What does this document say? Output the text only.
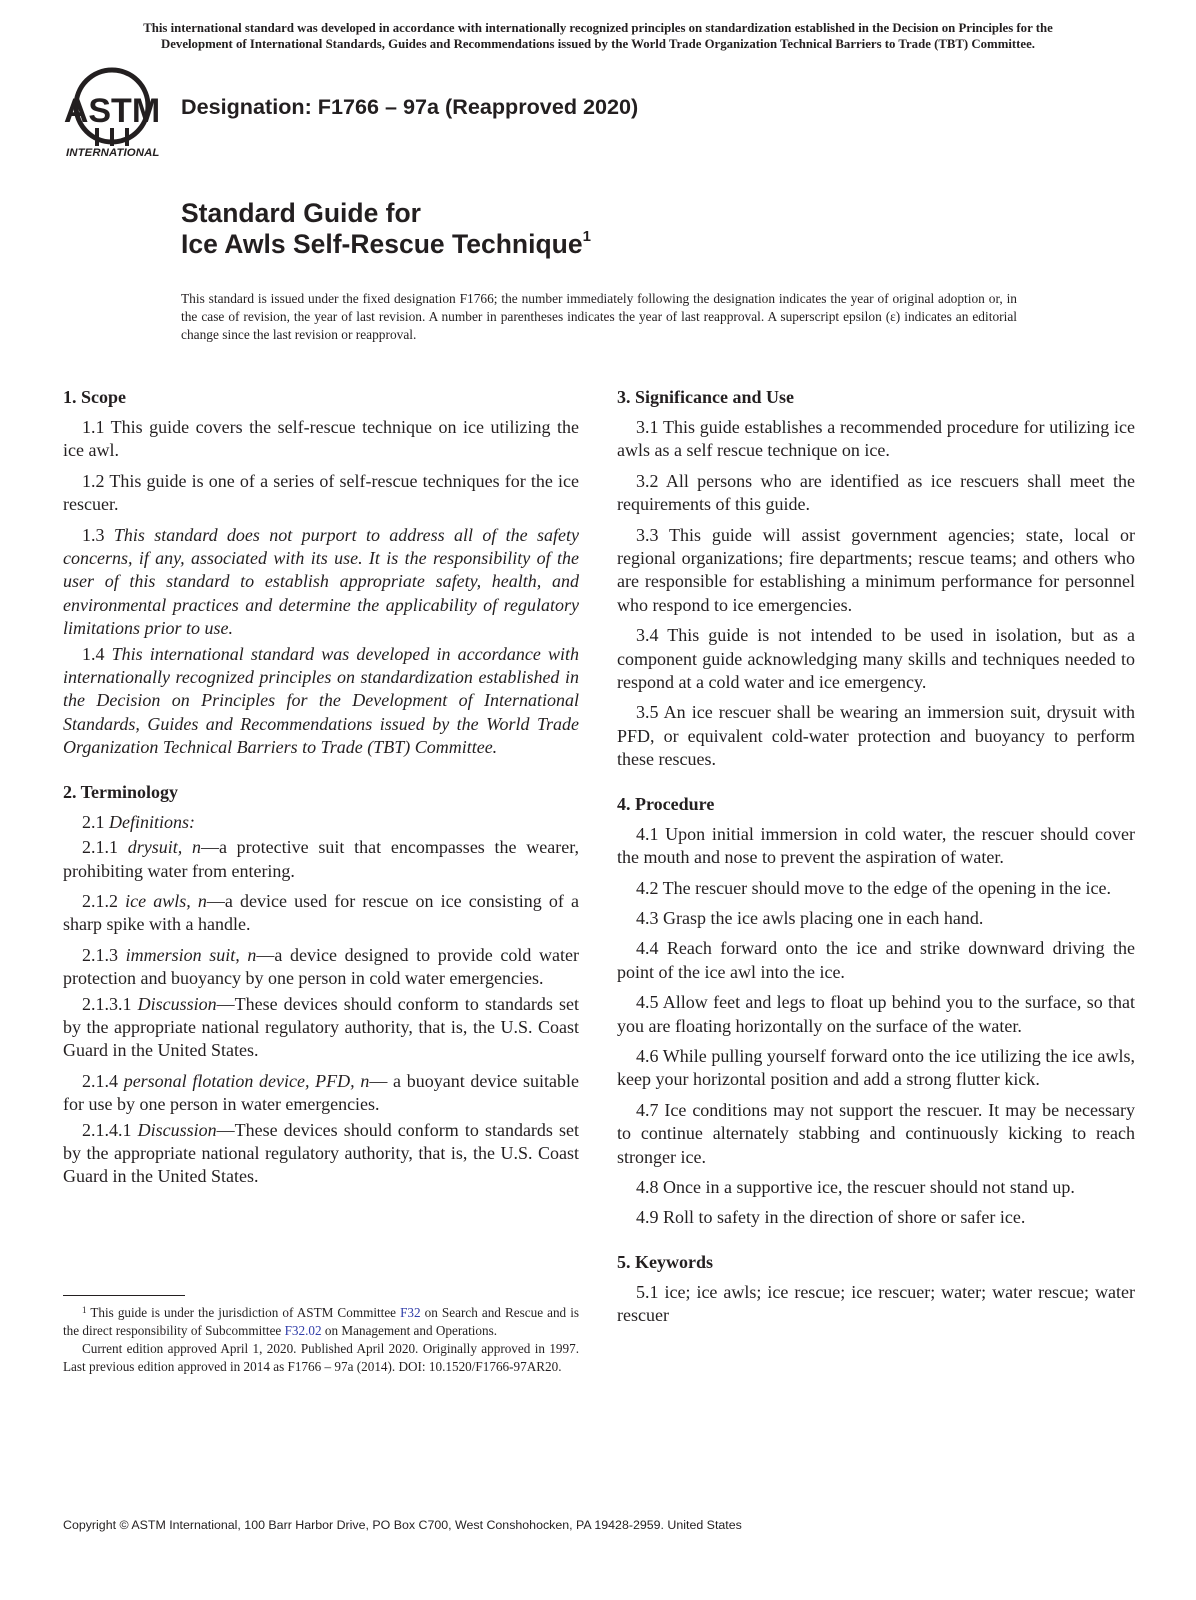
This international standard was developed in accordance with internationally recognized principles on standardization established in the Decision on Principles for the
Development of International Standards, Guides and Recommendations issued by the World Trade Organization Technical Barriers to Trade (TBT) Committee.
ASTM
INTERNATIONAL
Designation: F1766 – 97a (Reapproved 2020)
Standard Guide for
Ice Awls Self-Rescue Technique$^1$
This standard is issued under the fixed designation F1766; the number immediately following the designation indicates the year of original adoption or, in the case of revision, the year of last revision. A number in parentheses indicates the year of last reapproval. A superscript epsilon (ε) indicates an editorial change since the last revision or reapproval.
1. Scope

1.1 This guide covers the self-rescue technique on ice utilizing the ice awl.

1.2 This guide is one of a series of self-rescue techniques for the ice rescuer.

1.3 This standard does not purport to address all of the safety concerns, if any, associated with its use. It is the responsibility of the user of this standard to establish appropriate safety, health, and environmental practices and determine the applicability of regulatory limitations prior to use.

1.4 This international standard was developed in accordance with internationally recognized principles on standardization established in the Decision on Principles for the Development of International Standards, Guides and Recommendations issued by the World Trade Organization Technical Barriers to Trade (TBT) Committee.

2. Terminology

2.1 Definitions:

2.1.1 drysuit, n—a protective suit that encompasses the wearer, prohibiting water from entering.

2.1.2 ice awls, n—a device used for rescue on ice consisting of a sharp spike with a handle.

2.1.3 immersion suit, n—a device designed to provide cold water protection and buoyancy by one person in cold water emergencies.

2.1.3.1 Discussion—These devices should conform to standards set by the appropriate national regulatory authority, that is, the U.S. Coast Guard in the United States.

2.1.4 personal flotation device, PFD, n— a buoyant device suitable for use by one person in water emergencies.

2.1.4.1 Discussion—These devices should conform to standards set by the appropriate national regulatory authority, that is, the U.S. Coast Guard in the United States.

$^1$ This guide is under the jurisdiction of ASTM Committee F32 on Search and Rescue and is the direct responsibility of Subcommittee F32.02 on Management and Operations.

Current edition approved April 1, 2020. Published April 2020. Originally approved in 1997. Last previous edition approved in 2014 as F1766 – 97a (2014). DOI: 10.1520/F1766-97AR20.

3. Significance and Use

3.1 This guide establishes a recommended procedure for utilizing ice awls as a self rescue technique on ice.

3.2 All persons who are identified as ice rescuers shall meet the requirements of this guide.

3.3 This guide will assist government agencies; state, local or regional organizations; fire departments; rescue teams; and others who are responsible for establishing a minimum performance for personnel who respond to ice emergencies.

3.4 This guide is not intended to be used in isolation, but as a component guide acknowledging many skills and techniques needed to respond at a cold water and ice emergency.

3.5 An ice rescuer shall be wearing an immersion suit, drysuit with PFD, or equivalent cold-water protection and buoyancy to perform these rescues.

4. Procedure

4.1 Upon initial immersion in cold water, the rescuer should cover the mouth and nose to prevent the aspiration of water.

4.2 The rescuer should move to the edge of the opening in the ice.

4.3 Grasp the ice awls placing one in each hand.

4.4 Reach forward onto the ice and strike downward driving the point of the ice awl into the ice.

4.5 Allow feet and legs to float up behind you to the surface, so that you are floating horizontally on the surface of the water.

4.6 While pulling yourself forward onto the ice utilizing the ice awls, keep your horizontal position and add a strong flutter kick.

4.7 Ice conditions may not support the rescuer. It may be necessary to continue alternately stabbing and continuously kicking to reach stronger ice.

4.8 Once in a supportive ice, the rescuer should not stand up.

4.9 Roll to safety in the direction of shore or safer ice.

5. Keywords

5.1 ice; ice awls; ice rescue; ice rescuer; water; water rescue; water rescuer

Copyright © ASTM International, 100 Barr Harbor Drive, PO Box C700, West Conshohocken, PA 19428-2959. United States
